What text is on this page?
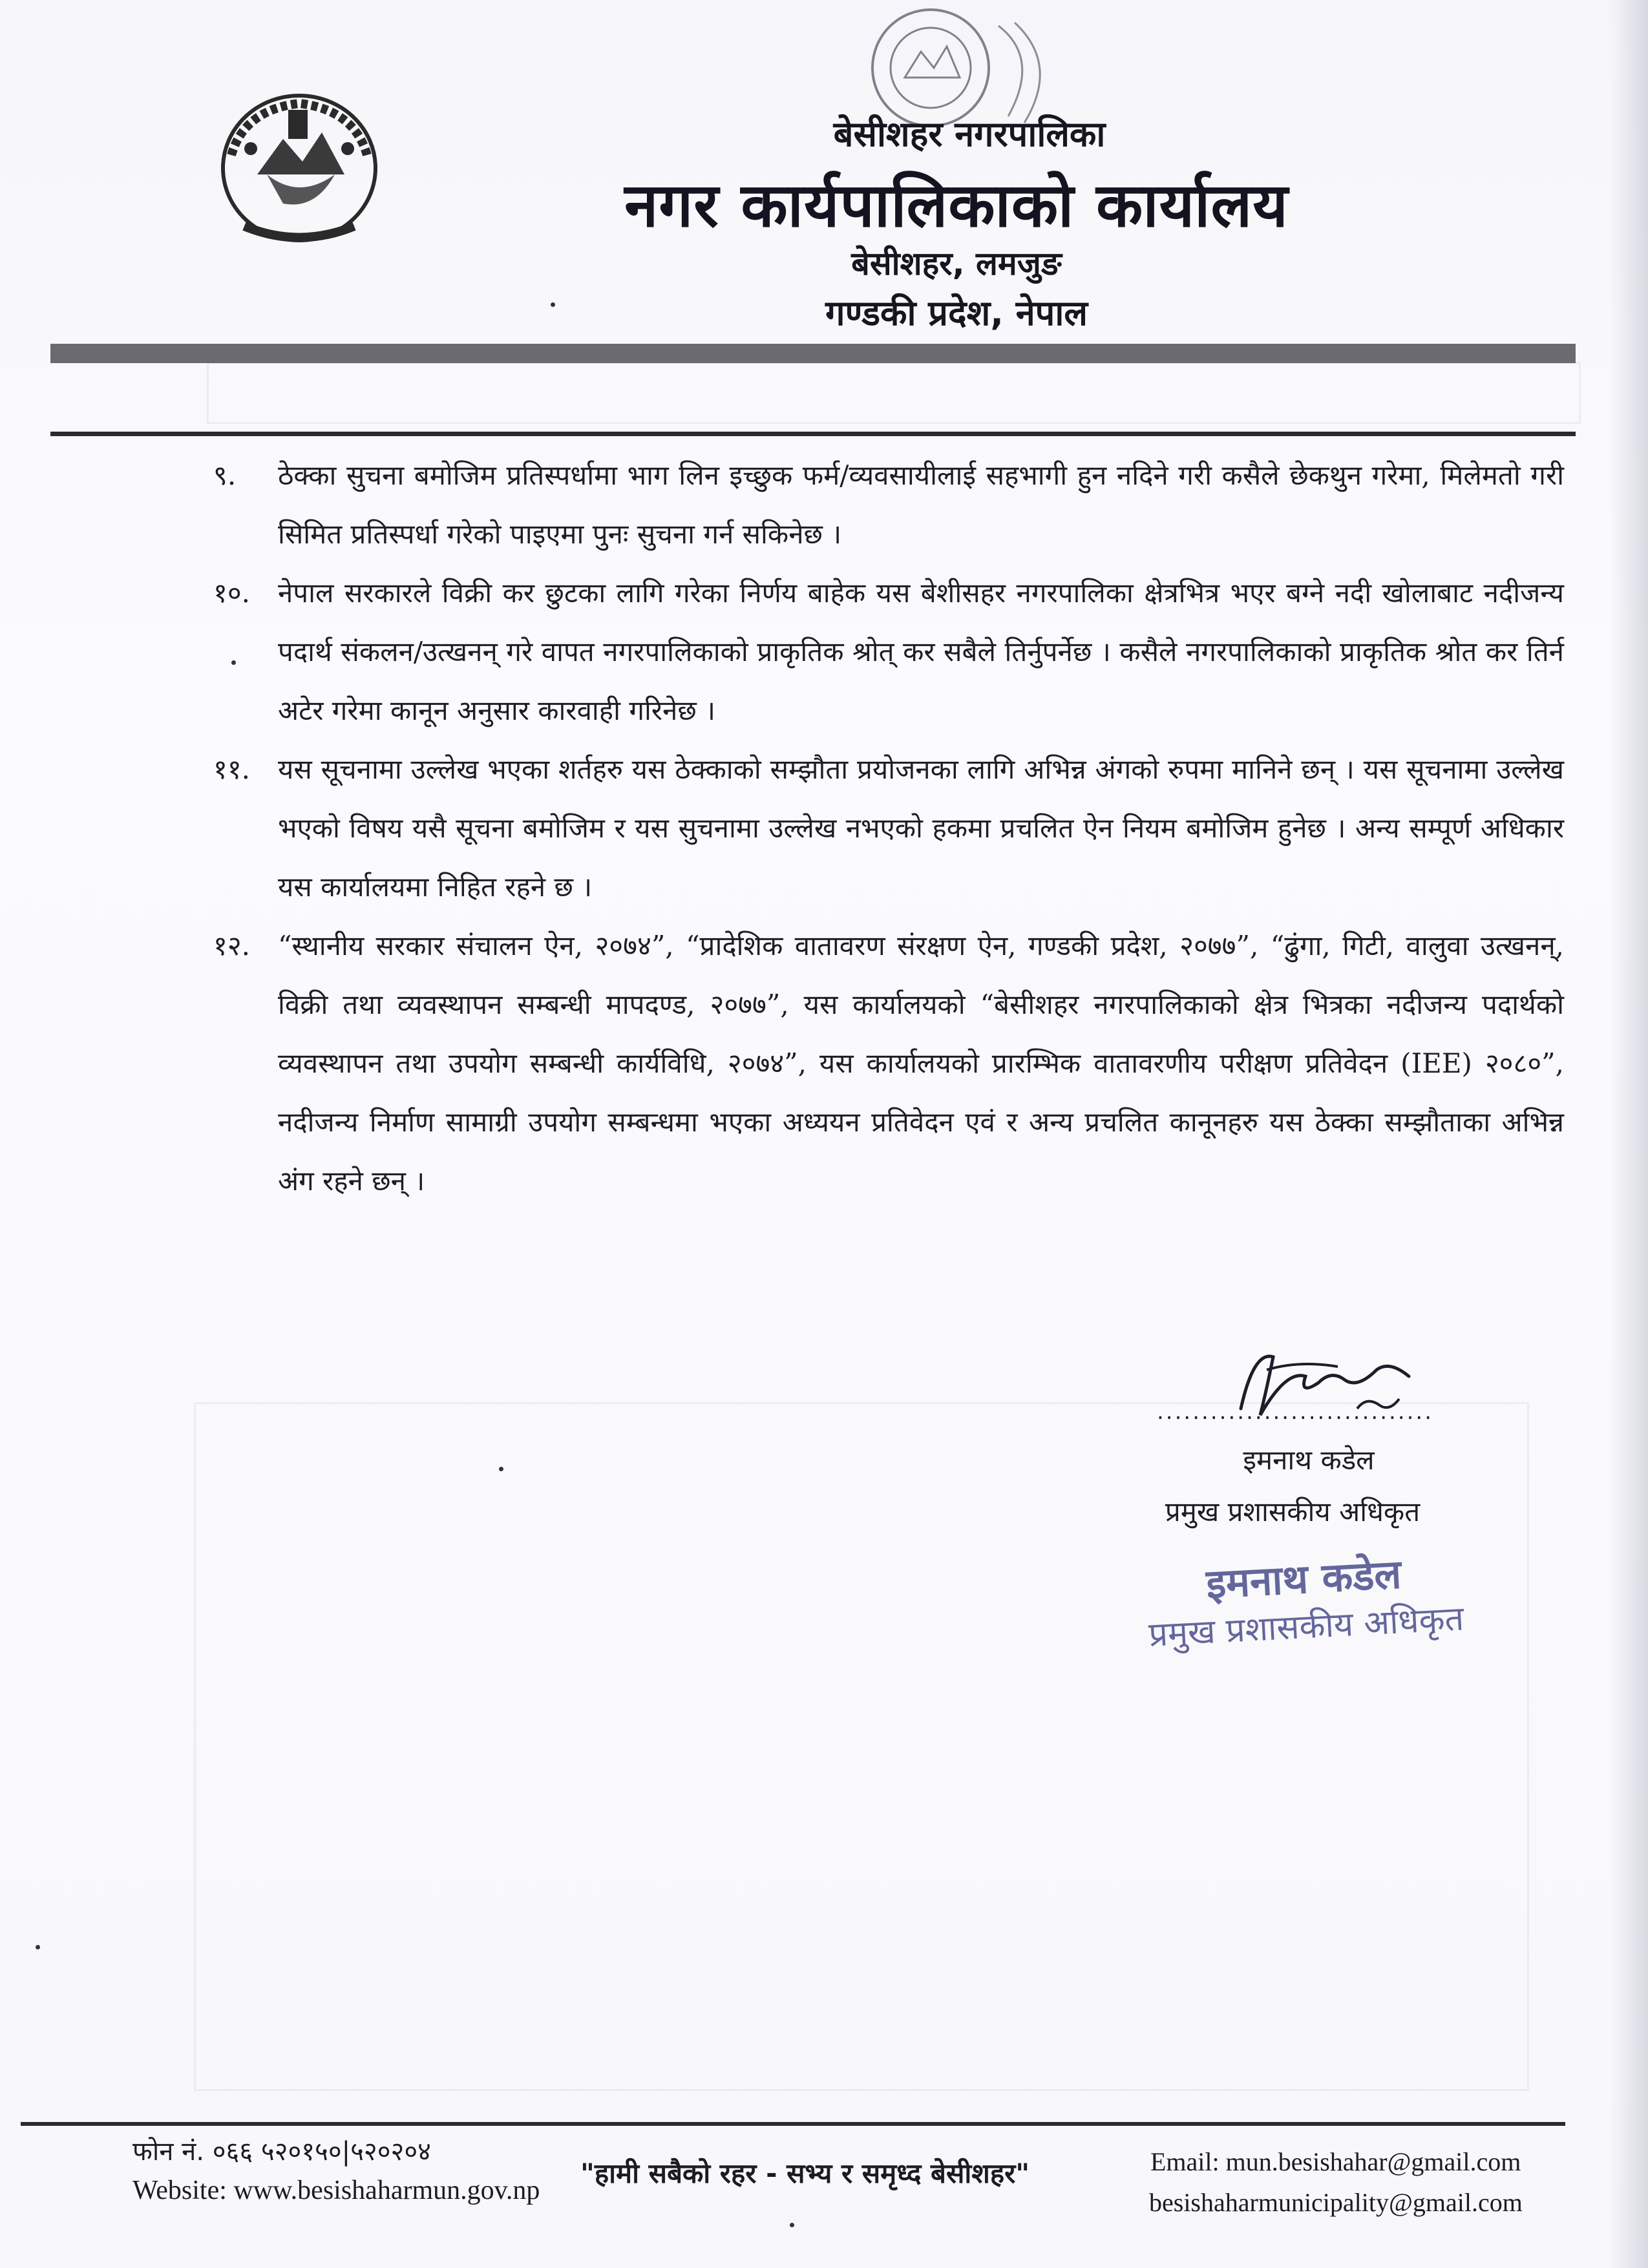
बेसीशहर नगरपालिका
नगर कार्यपालिकाको कार्यालय
बेसीशहर, लमजुङ
गण्डकी प्रदेश, नेपाल
९. ठेक्का सुचना बमोजिम प्रतिस्पर्धामा भाग लिन इच्छुक फर्म/व्यवसायीलाई सहभागी हुन नदिने गरी कसैले छेकथुन गरेमा, मिलेमतो गरी सिमित प्रतिस्पर्धा गरेको पाइएमा पुनः सुचना गर्न सकिनेछ ।
१०. नेपाल सरकारले विक्री कर छुटका लागि गरेका निर्णय बाहेक यस बेशीसहर नगरपालिका क्षेत्रभित्र भएर बग्ने नदी खोलाबाट नदीजन्य पदार्थ संकलन/उत्खनन् गरे वापत नगरपालिकाको प्राकृतिक श्रोत् कर सबैले तिर्नुपर्नेछ । कसैले नगरपालिकाको प्राकृतिक श्रोत कर तिर्न अटेर गरेमा कानून अनुसार कारवाही गरिनेछ ।
११. यस सूचनामा उल्लेख भएका शर्तहरु यस ठेक्काको सम्झौता प्रयोजनका लागि अभिन्न अंगको रुपमा मानिने छन् । यस सूचनामा उल्लेख भएको विषय यसै सूचना बमोजिम र यस सुचनामा उल्लेख नभएको हकमा प्रचलित ऐन नियम बमोजिम हुनेछ । अन्य सम्पूर्ण अधिकार यस कार्यालयमा निहित रहने छ ।
१२. “स्थानीय सरकार संचालन ऐन, २०७४”, “प्रादेशिक वातावरण संरक्षण ऐन, गण्डकी प्रदेश, २०७७”, “ढुंगा, गिटी, वालुवा उत्खनन्, विक्री तथा व्यवस्थापन सम्बन्धी मापदण्ड, २०७७”, यस कार्यालयको “बेसीशहर नगरपालिकाको क्षेत्र भित्रका नदीजन्य पदार्थको व्यवस्थापन तथा उपयोग सम्बन्धी कार्यविधि, २०७४”, यस कार्यालयको प्रारम्भिक वातावरणीय परीक्षण प्रतिवेदन (IEE) २०८०”, नदीजन्य निर्माण सामाग्री उपयोग सम्बन्धमा भएका अध्ययन प्रतिवेदन एवं र अन्य प्रचलित कानूनहरु यस ठेक्का सम्झौताका अभिन्न अंग रहने छन् ।
...............................
इमनाथ कडेल
प्रमुख प्रशासकीय अधिकृत
इमनाथ कडेल
प्रमुख प्रशासकीय अधिकृत
फोन नं. ०६६ ५२०१५०|५२०२०४
Website: www.besishaharmun.gov.np
"हामी सबैको रहर - सभ्य र समृध्द बेसीशहर"	Email: mun.besishahar@gmail.com
besishaharmunicipality@gmail.com
